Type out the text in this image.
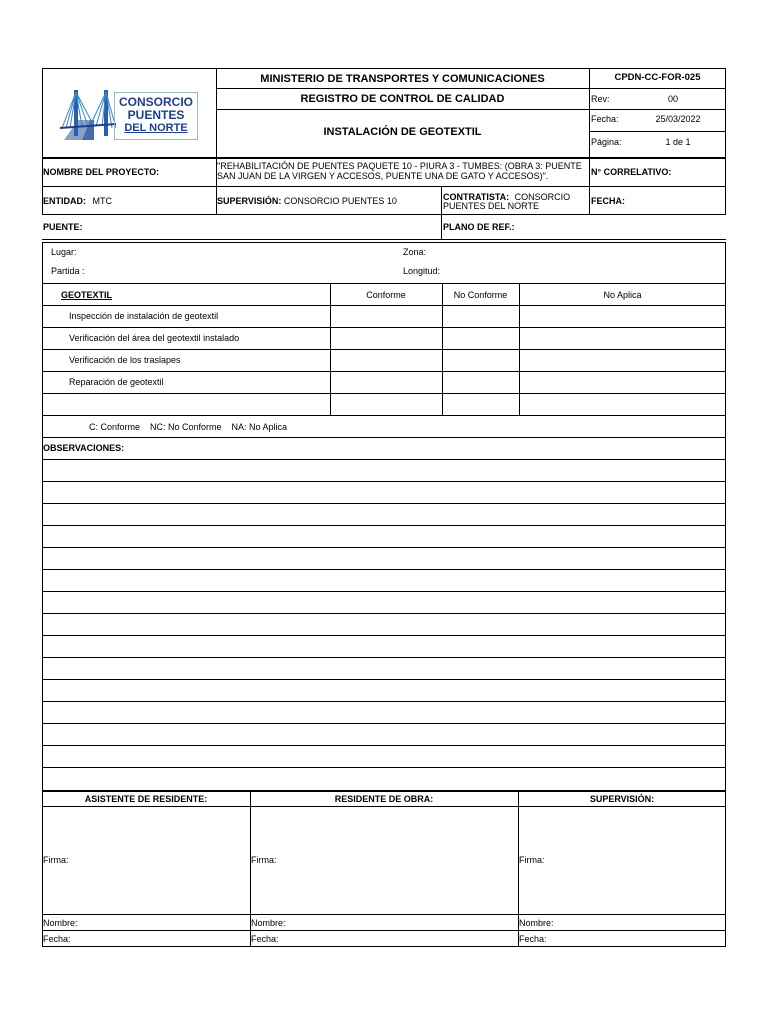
CONSORCIO
PUENTES
DEL NORTE
MINISTERIO DE TRANSPORTES Y COMUNICACIONES
REGISTRO DE CONTROL DE CALIDAD
INSTALACIÓN DE GEOTEXTIL
CPDN-CC-FOR-025
Rev:	00
Fecha:	25/03/2022
Página:	1 de 1
NOMBRE DEL PROYECTO:
"REHABILITACIÓN DE PUENTES PAQUETE 10 - PIURA 3 - TUMBES: (OBRA 3: PUENTE
SAN JUAN DE LA VIRGEN Y ACCESOS, PUENTE UNA DE GATO Y ACCESOS)".	N° CORRELATIVO:
ENTIDAD: MTC	SUPERVISIÓN: CONSORCIO PUENTES 10	CONTRATISTA: CONSORCIO
PUENTES DEL NORTE	FECHA:
PUENTE:	PLANO DE REF.:
Lugar:	Zona:
Partida :	Longitud:
GEOTEXTIL	Conforme	No Conforme	No Aplica
Inspección de instalación de geotextil
Verificación del área del geotextil instalado
Verificación de los traslapes
Reparación de geotextil
C: Conforme    NC: No Conforme    NA: No Aplica
OBSERVACIONES:
ASISTENTE DE RESIDENTE:	RESIDENTE DE OBRA:	SUPERVISIÓN:
Firma:	Firma:	Firma:
Nombre:	Nombre:	Nombre:
Fecha:	Fecha:	Fecha:
